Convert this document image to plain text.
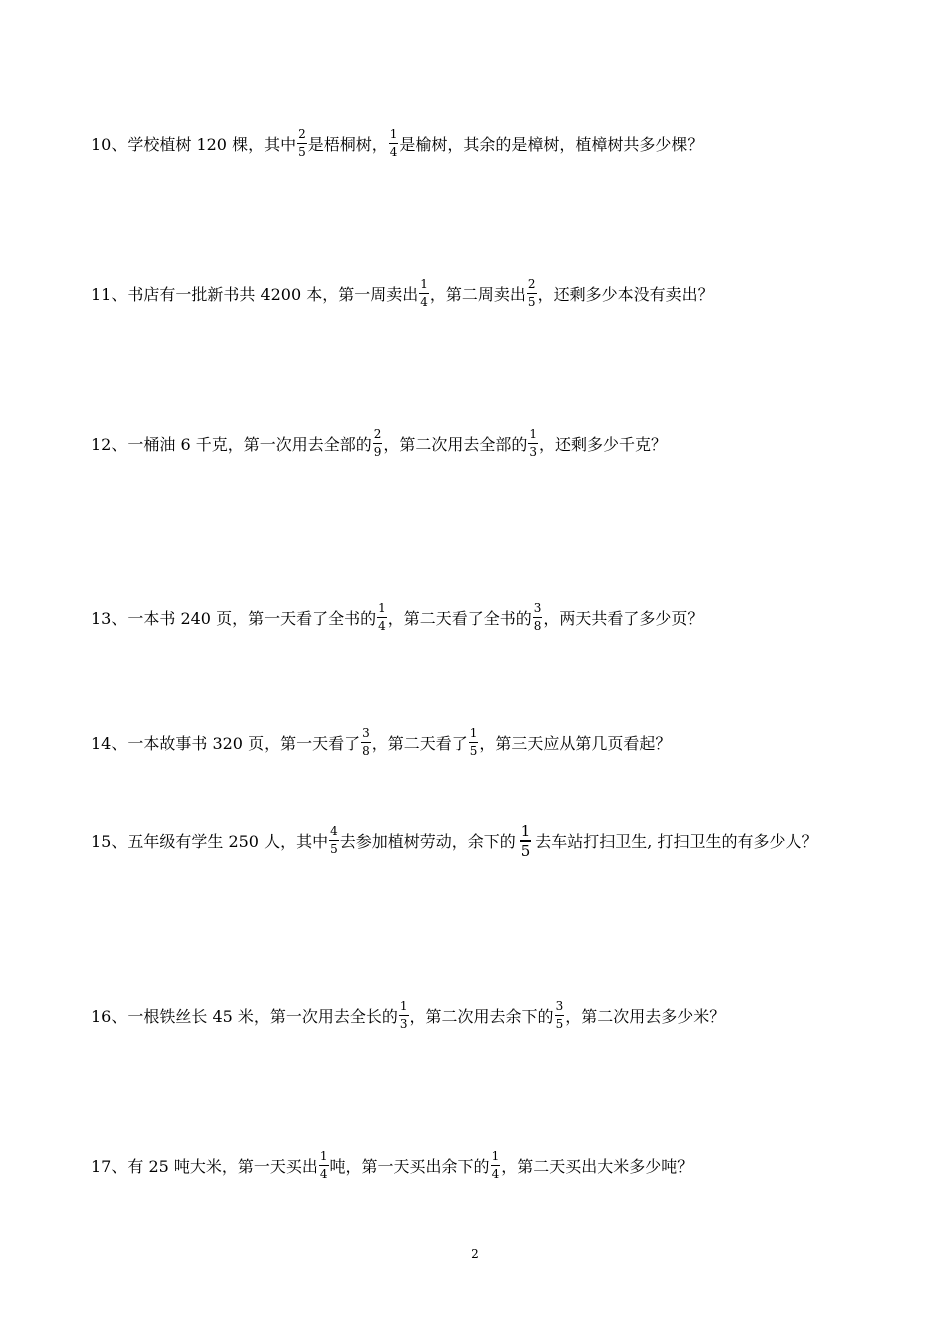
10、学校植树 120 棵，其中 $\frac{2}{5}$ 是梧桐树， $\frac{1}{4}$ 是榆树，其余的是樟树，植樟树共多少棵？
11、书店有一批新书共 4200 本，第一周卖出 $\frac{1}{4}$ ，第二周卖出 $\frac{2}{5}$ ，还剩多少本没有卖出？
12、一桶油 6 千克，第一次用去全部的 $\frac{2}{9}$ ，第二次用去全部的 $\frac{1}{3}$ ，还剩多少千克？
13、一本书 240 页，第一天看了全书的 $\frac{1}{4}$ ，第二天看了全书的 $\frac{3}{8}$ ，两天共看了多少页？
14、一本故事书 320 页，第一天看了 $\frac{3}{8}$ ，第二天看了 $\frac{1}{5}$ ，第三天应从第几页看起？
15、五年级有学生 250 人，其中 $\frac{4}{5}$ 去参加植树劳动，余下的 $\frac{1}{5}$ 去车站打扫卫生, 打扫卫生的有多少人？
16、一根铁丝长 45 米，第一次用去全长的 $\frac{1}{3}$ ，第二次用去余下的 $\frac{3}{5}$ ，第二次用去多少米？
17、有 25 吨大米，第一天买出 $\frac{1}{4}$ 吨，第一天买出余下的 $\frac{1}{4}$ ，第二天买出大米多少吨？
2
